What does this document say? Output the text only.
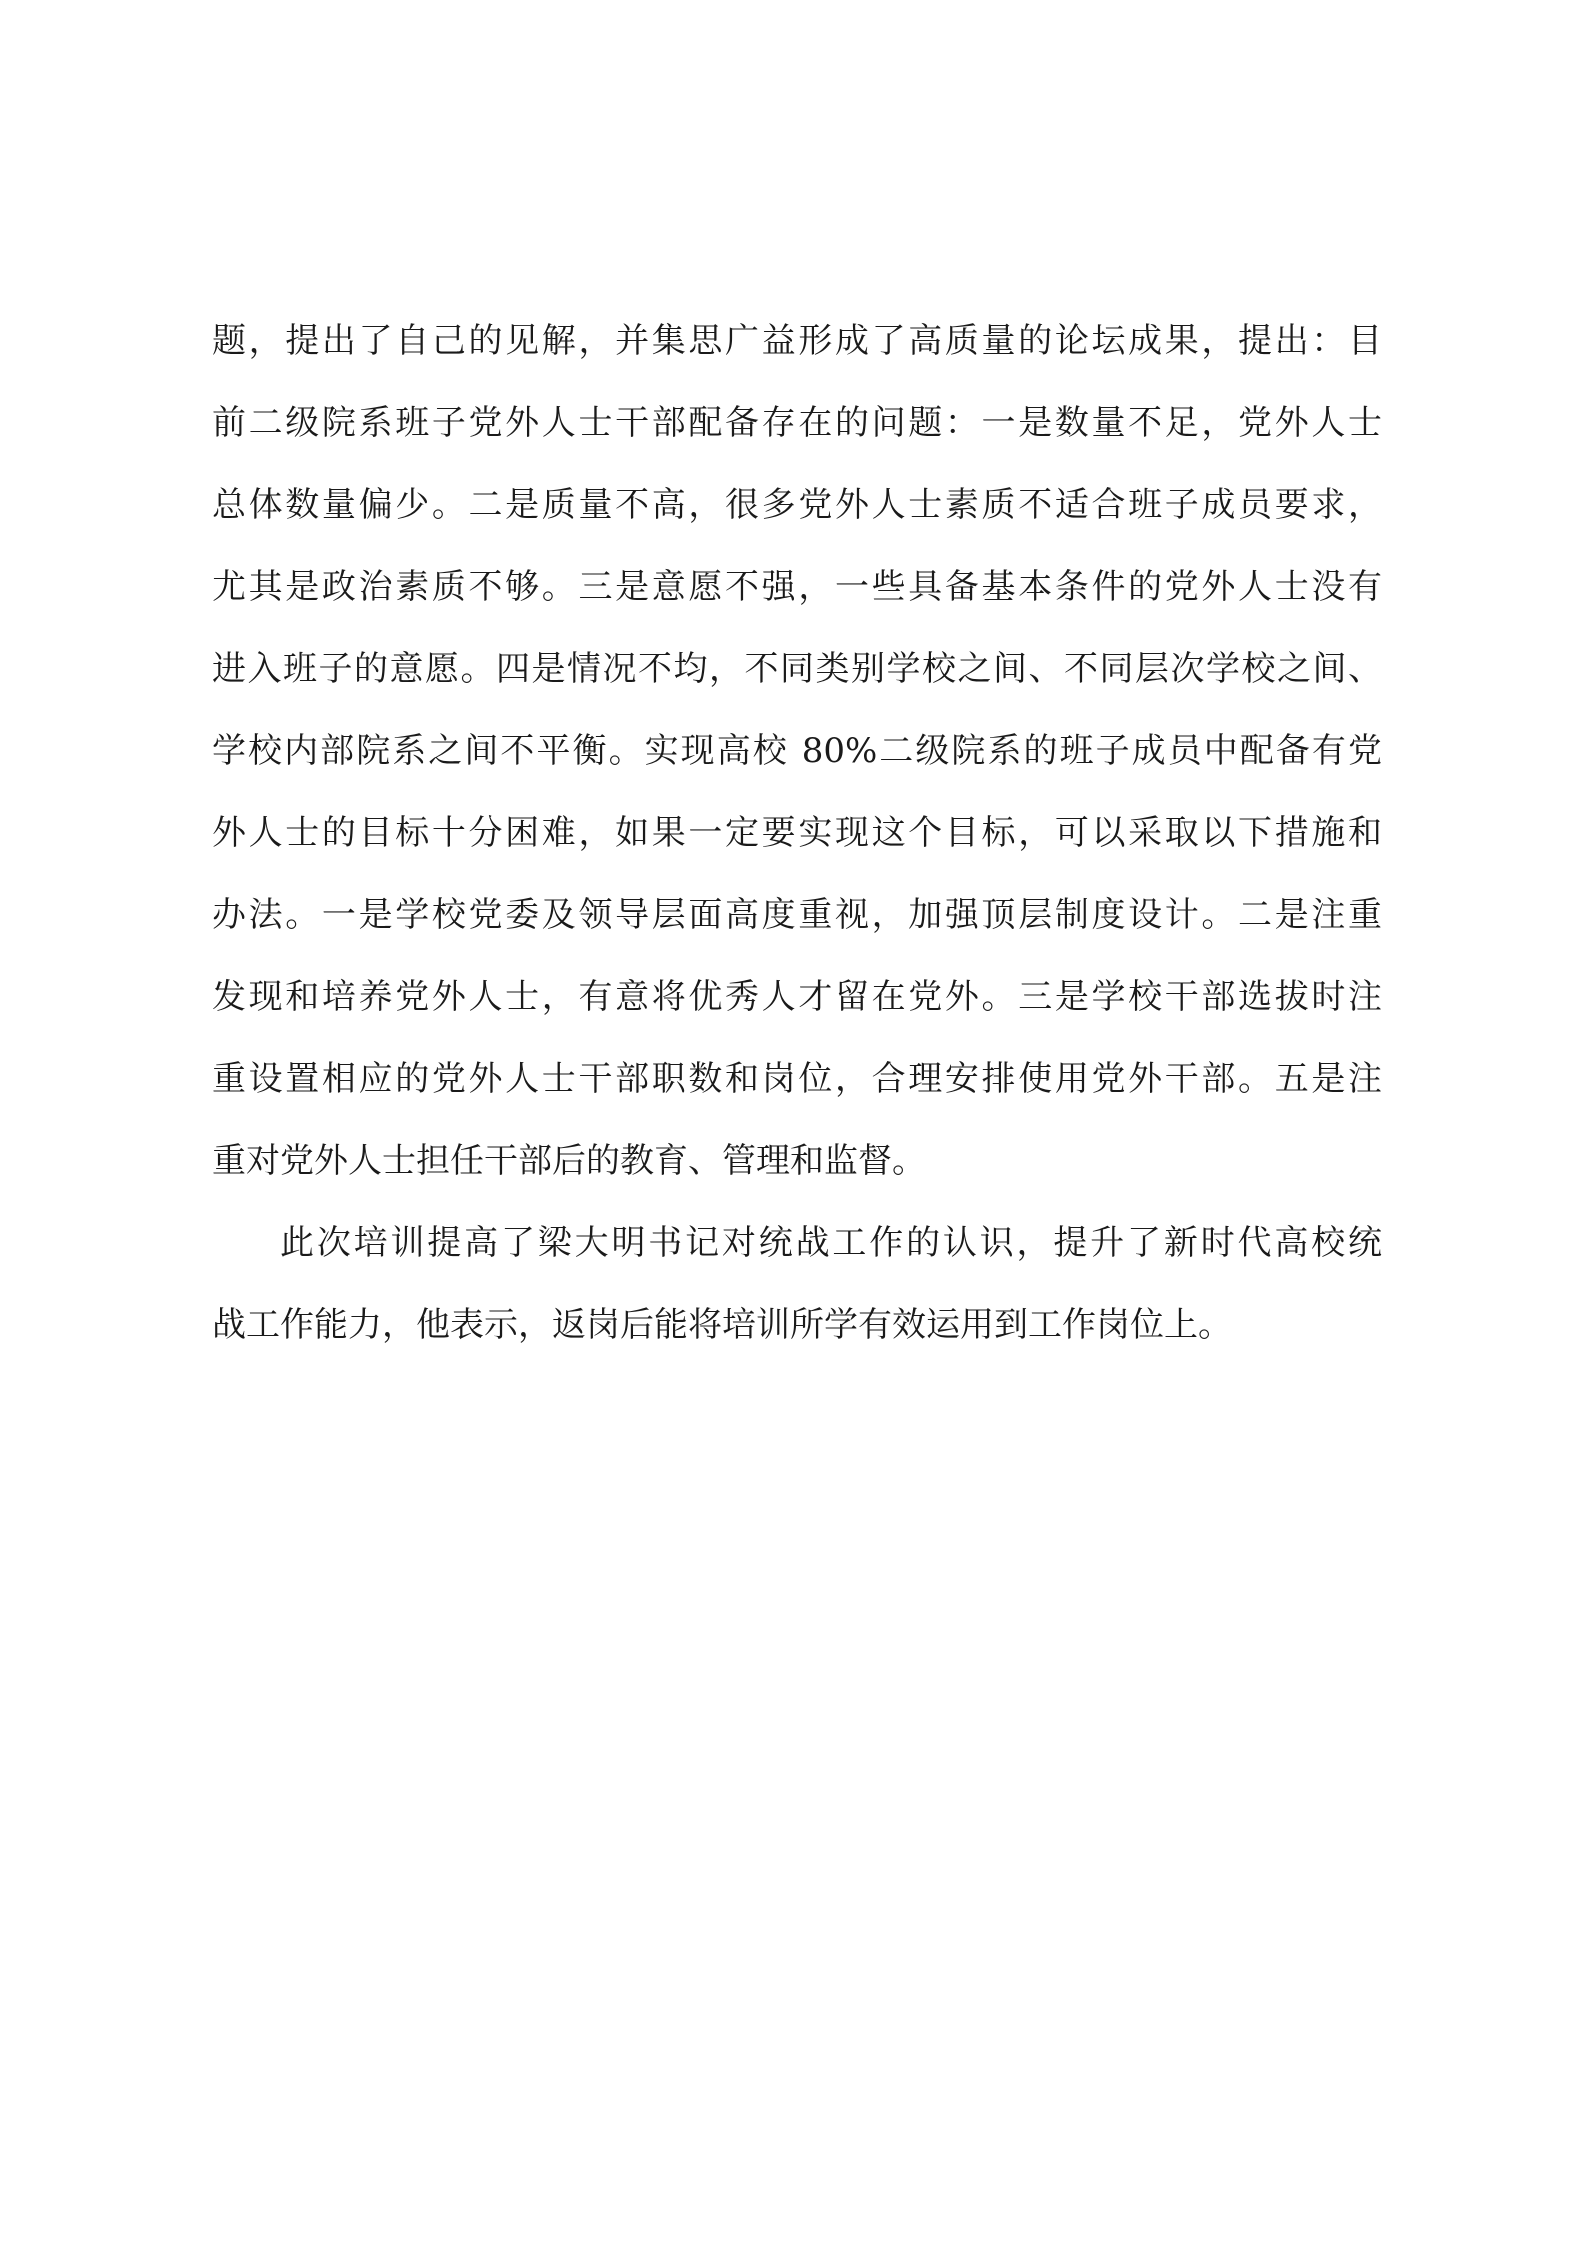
题，提出了自己的见解，并集思广益形成了高质量的论坛成果，提出：目
前二级院系班子党外人士干部配备存在的问题：一是数量不足，党外人士
总体数量偏少。二是质量不高，很多党外人士素质不适合班子成员要求，
尤其是政治素质不够。三是意愿不强，一些具备基本条件的党外人士没有
进入班子的意愿。四是情况不均，不同类别学校之间、不同层次学校之间、
学校内部院系之间不平衡。实现高校 80%二级院系的班子成员中配备有党
外人士的目标十分困难，如果一定要实现这个目标，可以采取以下措施和
办法。一是学校党委及领导层面高度重视，加强顶层制度设计。二是注重
发现和培养党外人士，有意将优秀人才留在党外。三是学校干部选拔时注
重设置相应的党外人士干部职数和岗位，合理安排使用党外干部。五是注
重对党外人士担任干部后的教育、管理和监督。
此次培训提高了梁大明书记对统战工作的认识，提升了新时代高校统
战工作能力，他表示，返岗后能将培训所学有效运用到工作岗位上。
